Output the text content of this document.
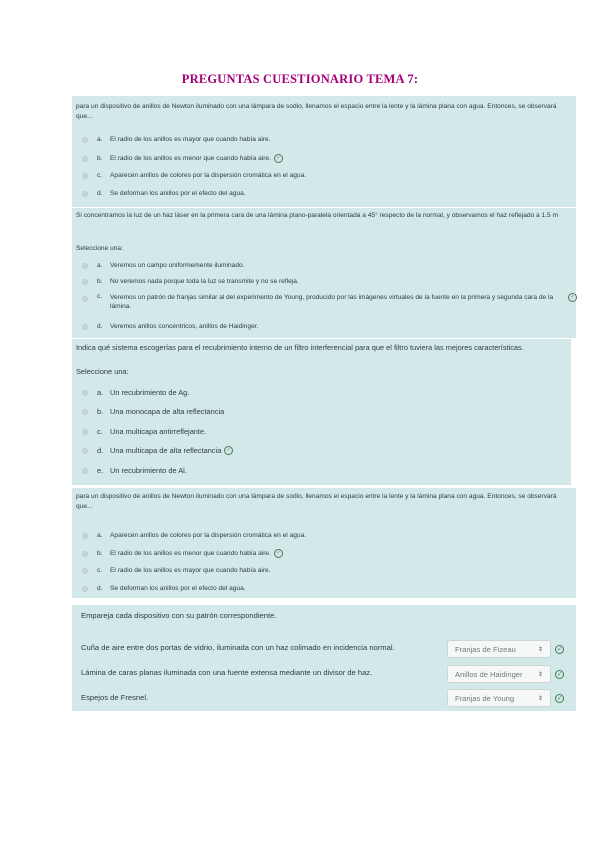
PREGUNTAS CUESTIONARIO TEMA 7:
para un dispositivo de anillos de Newton iluminado con una lámpara de sodio, llenamos el espacio entre la lente y la lámina plana con agua. Entonces, se observará que...
a.	El radio de los anillos es mayor que cuando había aire.
b.	El radio de los anillos es menor que cuando había aire.	✓
c.	Aparecen anillos de colores por la dispersión cromática en el agua.
d.	Se deforman los anillos por el efecto del agua.
Si concentramos la luz de un haz láser en la primera cara de una lámina plano-paralela orientada a 45° respecto de la normal, y observamos el haz reflejado a 1.5 m
Seleccione una:
a.	Veremos un campo uniformemente iluminado.
b.	No veremos nada porque toda la luz se transmite y no se refleja.
c.	Veremos un patrón de franjas similar al del experimento de Young, producido por las imágenes virtuales de la fuente en la primera y segunda cara de la lámina.
✓
d.	Veremos anillos concéntricos, anillos de Haidinger.
Indica qué sistema escogerías para el recubrimiento interno de un filtro interferencial para que el filtro tuviera las mejores características.
Seleccione una:
a. Un recubrimiento de Ag.
b. Una monocapa de alta reflectancia
c. Una multicapa antirreflejante.
d. Una multicapa de alta reflectancia	✓
e. Un recubrimiento de Al.
para un dispositivo de anillos de Newton iluminado con una lámpara de sodio, llenamos el espacio entre la lente y la lámina plana con agua. Entonces, se observará que...
a.	Aparecen anillos de colores por la dispersión cromática en el agua.
b.	El radio de los anillos es menor que cuando había aire.	✓
c.	El radio de los anillos es mayor que cuando había aire.
d.	Se deforman los anillos por el efecto del agua.
Empareja cada dispositivo con su patrón correspondiente.
Cuña de aire entre dos portas de vidrio, iluminada con un haz colimado en incidencia normal.	Franjas de Fizeau	⇕	✓
Lámina de caras planas iluminada con una fuente extensa mediante un divisor de haz.	Anillos de Haidinger	⇕	✓
Espejos de Fresnel.	Franjas de Young	⇕	✓
